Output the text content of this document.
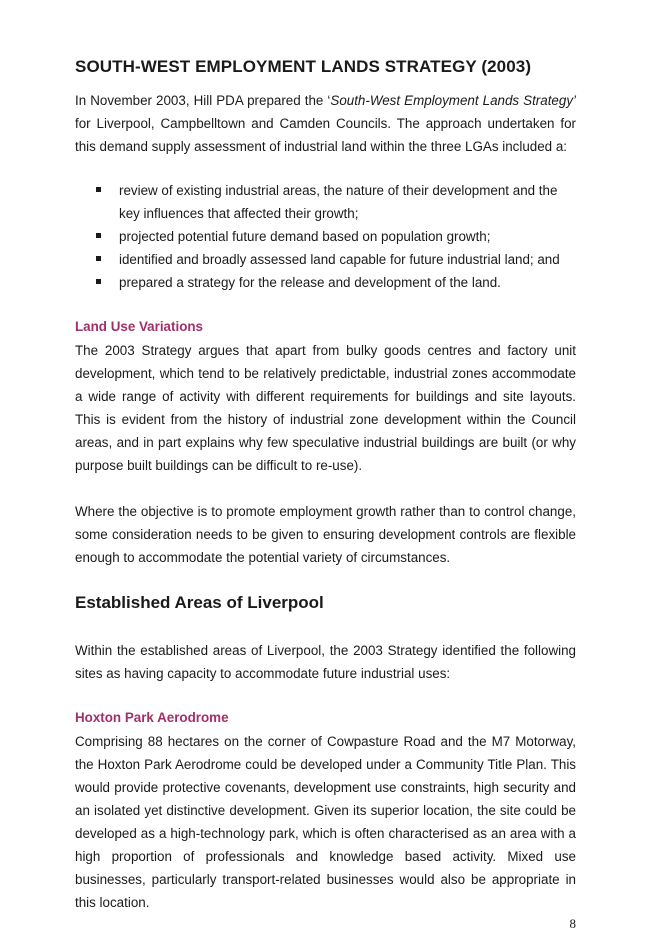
SOUTH-WEST EMPLOYMENT LANDS STRATEGY (2003)

In November 2003, Hill PDA prepared the ‘South-West Employment Lands Strategy’ for Liverpool, Campbelltown and Camden Councils. The approach undertaken for this demand supply assessment of industrial land within the three LGAs included a:

review of existing industrial areas, the nature of their development and the key influences that affected their growth;
projected potential future demand based on population growth;
identified and broadly assessed land capable for future industrial land; and
prepared a strategy for the release and development of the land.
Land Use Variations

The 2003 Strategy argues that apart from bulky goods centres and factory unit development, which tend to be relatively predictable, industrial zones accommodate a wide range of activity with different requirements for buildings and site layouts. This is evident from the history of industrial zone development within the Council areas, and in part explains why few speculative industrial buildings are built (or why purpose built buildings can be difficult to re-use).

Where the objective is to promote employment growth rather than to control change, some consideration needs to be given to ensuring development controls are flexible enough to accommodate the potential variety of circumstances.

Established Areas of Liverpool

Within the established areas of Liverpool, the 2003 Strategy identified the following sites as having capacity to accommodate future industrial uses:

Hoxton Park Aerodrome

Comprising 88 hectares on the corner of Cowpasture Road and the M7 Motorway, the Hoxton Park Aerodrome could be developed under a Community Title Plan. This would provide protective covenants, development use constraints, high security and an isolated yet distinctive development. Given its superior location, the site could be developed as a high-technology park, which is often characterised as an area with a high proportion of professionals and knowledge based activity. Mixed use businesses, particularly transport-related businesses would also be appropriate in this location.

8
